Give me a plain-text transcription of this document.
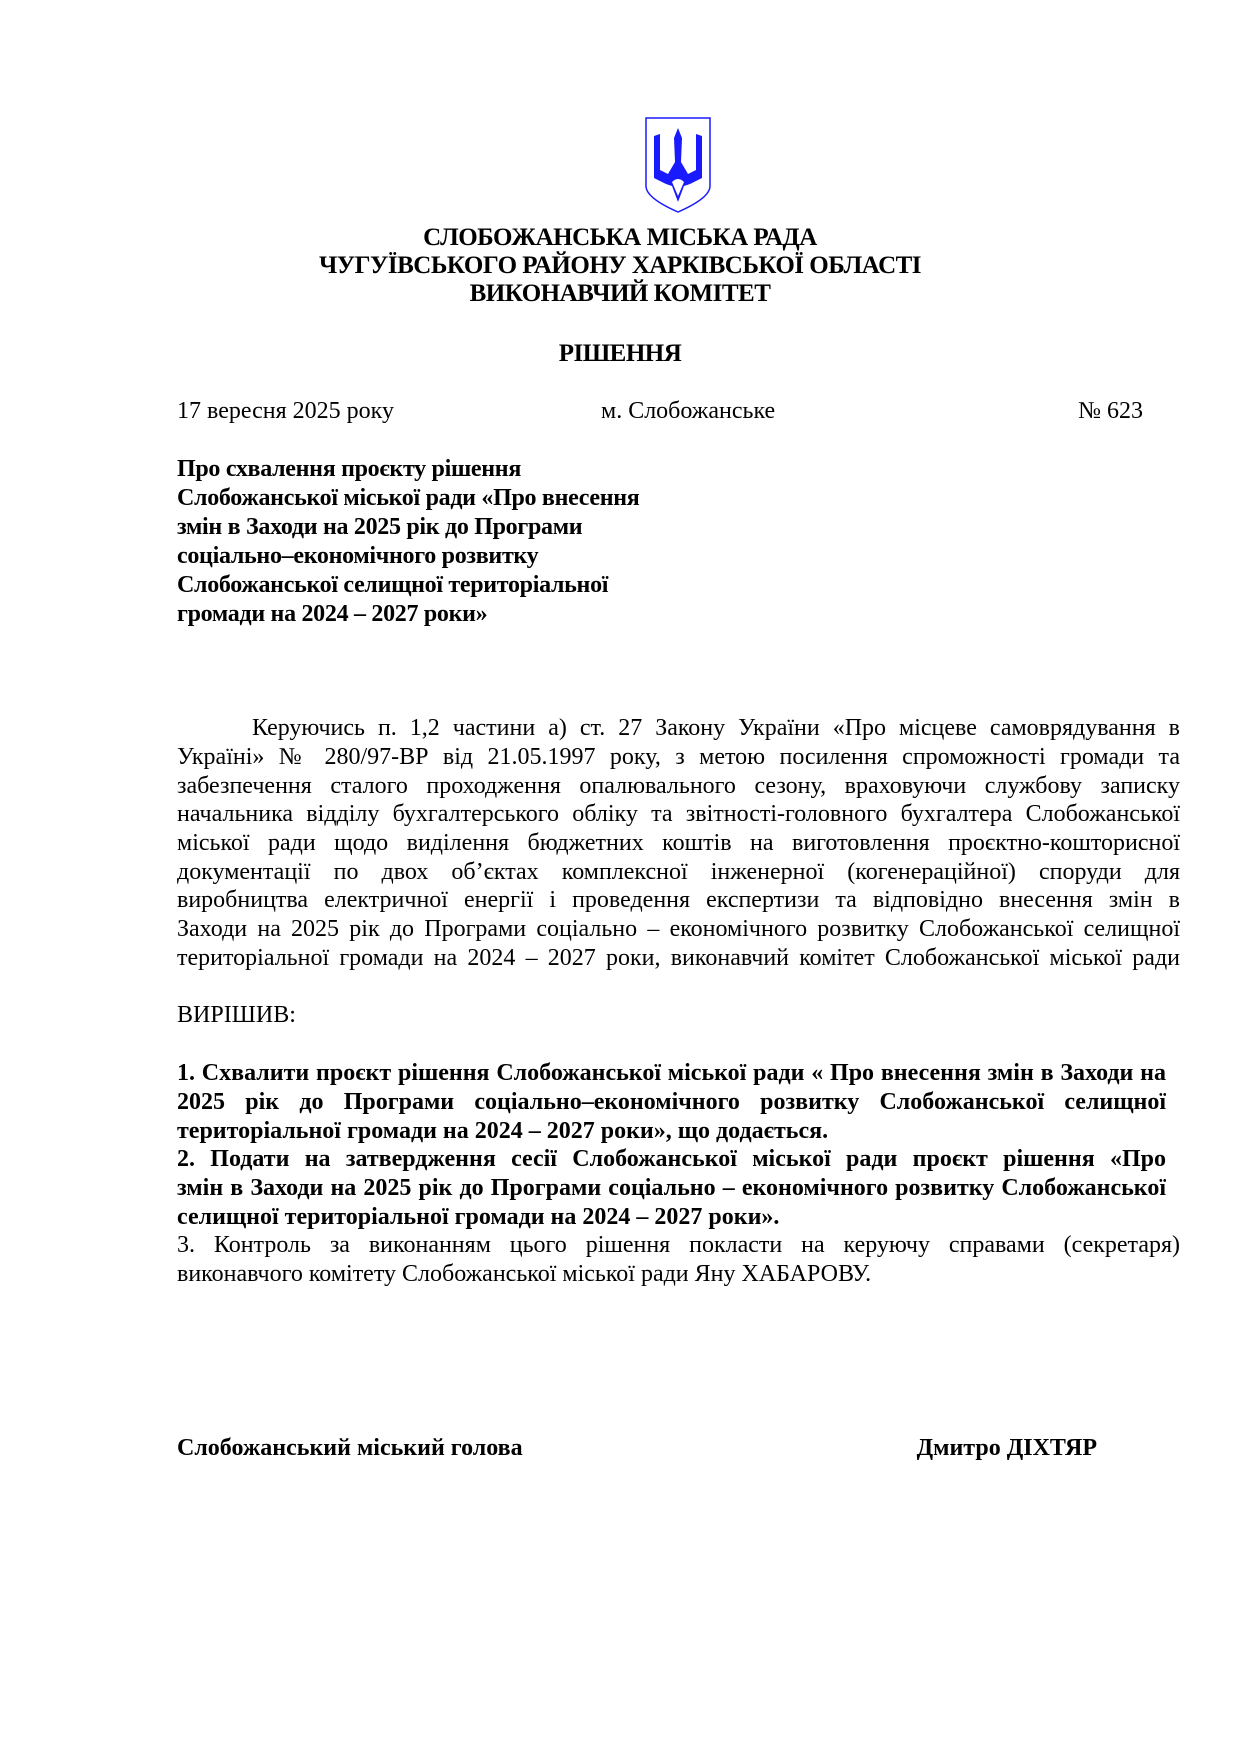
СЛОБОЖАНСЬКА МІСЬКА РАДА
ЧУГУЇВСЬКОГО РАЙОНУ ХАРКІВСЬКОЇ ОБЛАСТІ
ВИКОНАВЧИЙ КОМІТЕТ
РІШЕННЯ
17 вересня 2025 року	м. Слобожанське	№ 623
Про схвалення проєкту рішення
Слобожанської міської ради «Про внесення
змін в Заходи на 2025 рік до Програми
соціально–економічного розвитку
Слобожанської селищної територіальної
громади на 2024 – 2027 роки»
Керуючись п. 1,2 частини а) ст. 27 Закону України «Про місцеве самоврядування в
Україні» № 280/97-ВР від 21.05.1997 року, з метою посилення спроможності громади та
забезпечення сталого проходження опалювального сезону, враховуючи службову записку
начальника відділу бухгалтерського обліку та звітності-головного бухгалтера Слобожанської
міської ради щодо виділення бюджетних коштів на виготовлення проєктно-кошторисної
документації по двох об’єктах комплексної інженерної (когенераційної) споруди для
виробництва електричної енергії і проведення експертизи та відповідно внесення змін в
Заходи на 2025 рік до Програми соціально – економічного розвитку Слобожанської селищної
територіальної громади на 2024 – 2027 роки, виконавчий комітет Слобожанської міської ради
ВИРІШИВ:
1. Схвалити проєкт рішення Слобожанської міської ради « Про внесення змін в Заходи на
2025 рік до Програми соціально–економічного розвитку Слобожанської селищної
територіальної громади на 2024 – 2027 роки», що додається.
2. Подати на затвердження сесії Слобожанської міської ради проєкт рішення «Про
змін в Заходи на 2025 рік до Програми соціально – економічного розвитку Слобожанської
селищної територіальної громади на 2024 – 2027 роки».
3. Контроль за виконанням цього рішення покласти на керуючу справами (секретаря)
виконавчого комітету Слобожанської міської ради Яну ХАБАРОВУ.
Слобожанський міський голова	Дмитро ДІХТЯР
